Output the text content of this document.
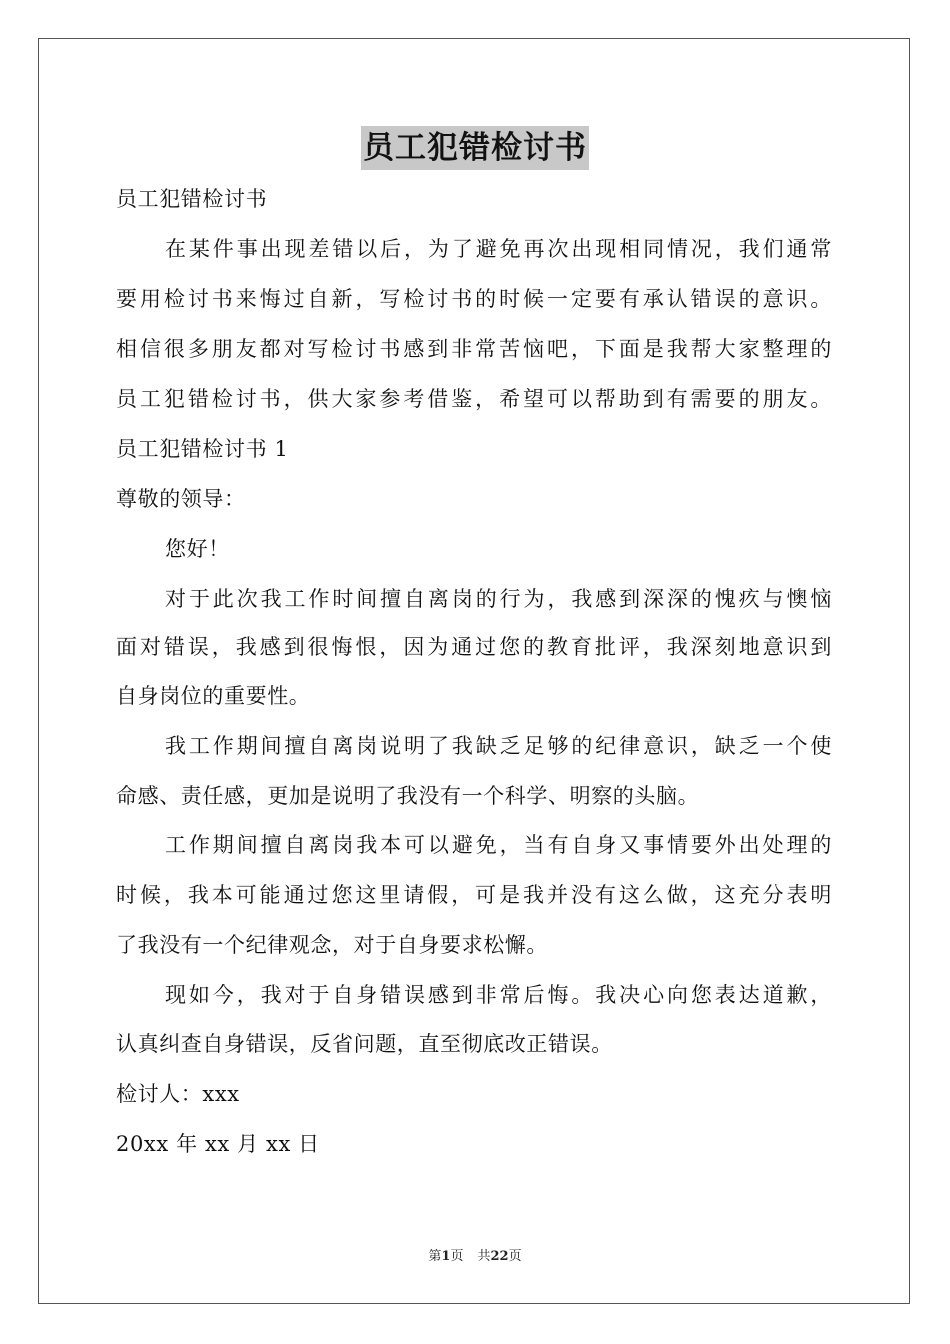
员工犯错检讨书
员工犯错检讨书
在某件事出现差错以后，为了避免再次出现相同情况，我们通常
要用检讨书来悔过自新，写检讨书的时候一定要有承认错误的意识。
相信很多朋友都对写检讨书感到非常苦恼吧，下面是我帮大家整理的
员工犯错检讨书，供大家参考借鉴，希望可以帮助到有需要的朋友。
员工犯错检讨书 1
尊敬的领导：
您好！
对于此次我工作时间擅自离岗的行为，我感到深深的愧疚与懊恼
面对错误，我感到很悔恨，因为通过您的教育批评，我深刻地意识到
自身岗位的重要性。
我工作期间擅自离岗说明了我缺乏足够的纪律意识，缺乏一个使
命感、责任感，更加是说明了我没有一个科学、明察的头脑。
工作期间擅自离岗我本可以避免，当有自身又事情要外出处理的
时候，我本可能通过您这里请假，可是我并没有这么做，这充分表明
了我没有一个纪律观念，对于自身要求松懈。
现如今，我对于自身错误感到非常后悔。我决心向您表达道歉，
认真纠查自身错误，反省问题，直至彻底改正错误。
检讨人：xxx
20xx 年 xx 月 xx 日
第1页 共22页
